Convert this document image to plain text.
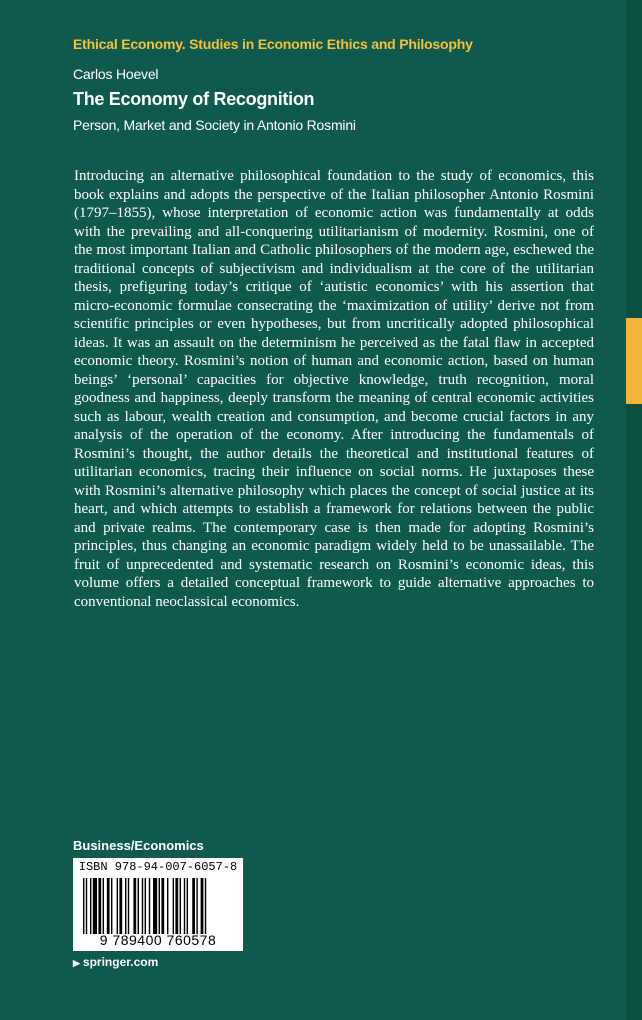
Ethical Economy. Studies in Economic Ethics and Philosophy
Carlos Hoevel
The Economy of Recognition
Person, Market and Society in Antonio Rosmini

Introducing an alternative philosophical foundation to the study of economics, this book explains and adopts the perspective of the Italian philosopher Antonio Rosmini (1797–1855), whose interpretation of economic action was fundamentally at odds with the prevailing and all-conquering utilitarianism of modernity. Rosmini, one of the most important Italian and Catholic philosophers of the modern age, eschewed the traditional concepts of subjectivism and individualism at the core of the utilitarian thesis, prefiguring today’s critique of ‘autistic economics’ with his assertion that micro-economic formulae consecrating the ‘maximization of utility’ derive not from scientific principles or even hypotheses, but from uncritically adopted philosophical ideas. It was an assault on the determinism he perceived as the fatal flaw in accepted economic theory. Rosmini’s notion of human and economic action, based on human beings’ ‘personal’ capacities for objective knowledge, truth recognition, moral goodness and happiness, deeply transform the meaning of central economic activities such as labour, wealth creation and consumption, and become crucial factors in any analysis of the operation of the economy. After introducing the fundamentals of Rosmini’s thought, the author details the theoretical and institutional features of utilitarian economics, tracing their influence on social norms. He juxtaposes these with Rosmini’s alternative philosophy which places the concept of social justice at its heart, and which attempts to establish a framework for relations between the public and private realms. The contemporary case is then made for adopting Rosmini’s principles, thus changing an economic paradigm widely held to be unassailable. The fruit of unprecedented and systematic research on Rosmini’s economic ideas, this volume offers a detailed conceptual framework to guide alternative approaches to conventional neoclassical economics.

Business/Economics
ISBN 978-94-007-6057-8
9 789400 760578
▶ springer.com
